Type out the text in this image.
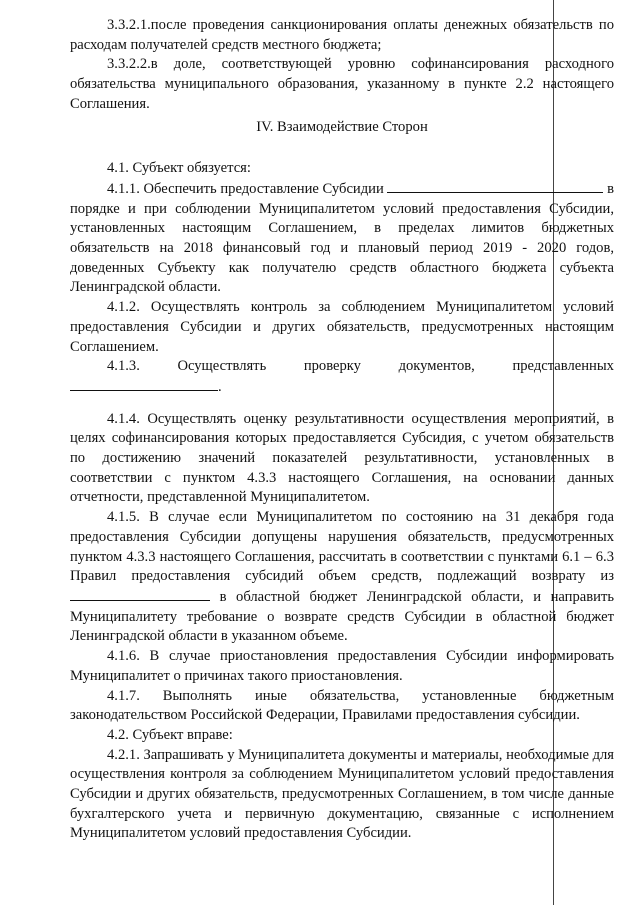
3.3.2.1.после проведения санкционирования оплаты денежных обязательств по расходам получателей средств местного бюджета;

3.3.2.2.в доле, соответствующей уровню софинансирования расходного обязательства муниципального образования, указанному в пункте 2.2 настоящего Соглашения.

IV. Взаимодействие Сторон

4.1. Субъект обязуется:

4.1.1. Обеспечить предоставление Субсидии	в порядке и при соблюдении Муниципалитетом условий предоставления Субсидии, установленных настоящим Соглашением, в пределах лимитов бюджетных обязательств на 2018 финансовый год и плановый период 2019 - 2020 годов, доведенных Субъекту как получателю средств областного бюджета субъекта Ленинградской области.

4.1.2. Осуществлять контроль за соблюдением Муниципалитетом условий предоставления Субсидии и других обязательств, предусмотренных настоящим Соглашением.

4.1.3.	Осуществлять	проверку	документов,	представленных

.

4.1.4. Осуществлять оценку результативности осуществления мероприятий, в целях софинансирования которых предоставляется Субсидия, с учетом обязательств по достижению значений показателей результативности, установленных в соответствии с пунктом 4.3.3 настоящего Соглашения, на основании данных отчетности, представленной Муниципалитетом.

4.1.5. В случае если Муниципалитетом по состоянию на 31 декабря года предоставления Субсидии допущены нарушения обязательств, предусмотренных пунктом 4.3.3 настоящего Соглашения, рассчитать в соответствии с пунктами 6.1 – 6.3 Правил предоставления субсидий объем средств, подлежащий возврату из  в областной бюджет Ленинградской области, и направить Муниципалитету требование о возврате средств Субсидии в областной бюджет Ленинградской области в указанном объеме.

4.1.6. В случае приостановления предоставления Субсидии информировать Муниципалитет о причинах такого приостановления.

4.1.7. Выполнять иные обязательства, установленные бюджетным законодательством Российской Федерации, Правилами предоставления субсидии.

4.2. Субъект вправе:

4.2.1. Запрашивать у Муниципалитета документы и материалы, необходимые для осуществления контроля за соблюдением Муниципалитетом условий предоставления Субсидии и других обязательств, предусмотренных Соглашением, в том числе данные бухгалтерского учета и первичную документацию, связанные с исполнением Муниципалитетом условий предоставления Субсидии.
